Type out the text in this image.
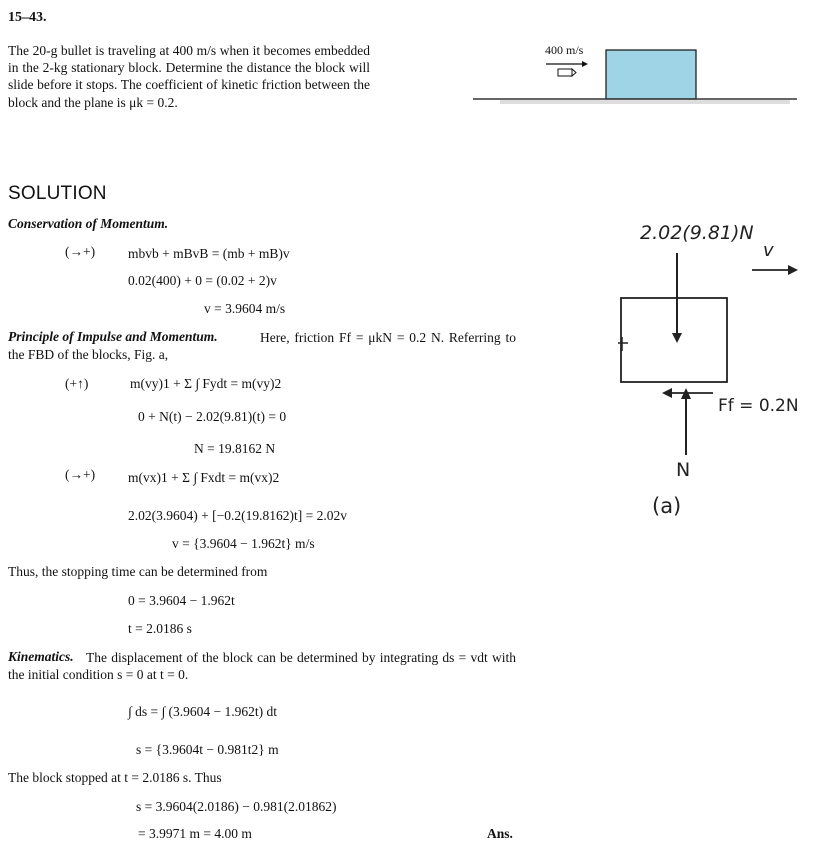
15–43.
The 20-g bullet is traveling at 400 m/s when it becomes embedded in the 2-kg stationary block. Determine the distance the block will slide before it stops. The coefficient of kinetic friction between the block and the plane is μk = 0.2.
400 m/s
SOLUTION
Conservation of Momentum.
(→+) mbvb + mBvB = (mb + mB)v
0.02(400) + 0 = (0.02 + 2)v
v = 3.9604 m/s
Principle of Impulse and Momentum.	Here, friction Ff = μkN = 0.2 N. Referring to the FBD of the blocks, Fig. a,
(+↑)	m(vy)1 + Σ ∫ Fydt = m(vy)2
0 + N(t) − 2.02(9.81)(t) = 0
N = 19.8162 N
(→+) m(vx)1 + Σ ∫ Fxdt = m(vx)2
2.02(3.9604) + [−0.2(19.8162)t] = 2.02v
v = {3.9604 − 1.962t} m/s
Thus, the stopping time can be determined from
0 = 3.9604 − 1.962t
t = 2.0186 s
Kinematics. The displacement of the block can be determined by integrating ds = vdt with the initial condition s = 0 at t = 0.
∫ ds = ∫ (3.9604 − 1.962t) dt
s = {3.9604t − 0.981t2} m
The block stopped at t = 2.0186 s. Thus
s = 3.9604(2.0186) − 0.981(2.01862)
= 3.9971 m = 4.00 m	Ans.
2.02(9.81)N
v
Ff = 0.2N
N
(a)
